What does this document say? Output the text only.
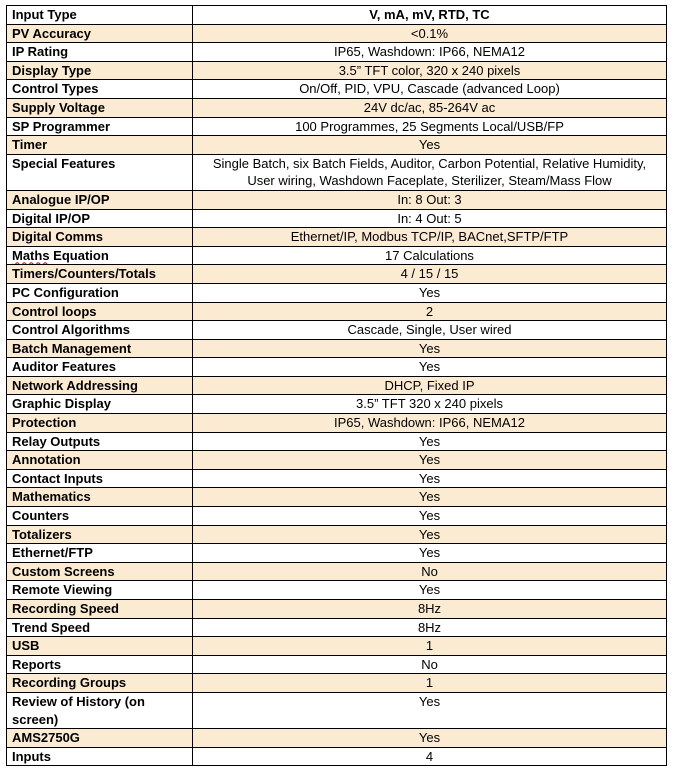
Input Type	V, mA, mV, RTD, TC
PV Accuracy	<0.1%
IP Rating	IP65, Washdown: IP66, NEMA12
Display Type	3.5” TFT color, 320 x 240 pixels
Control Types	On/Off, PID, VPU, Cascade (advanced Loop)
Supply Voltage	24V dc/ac, 85-264V ac
SP Programmer	100 Programmes, 25 Segments Local/USB/FP
Timer	Yes
Special Features	Single Batch, six Batch Fields, Auditor, Carbon Potential, Relative Humidity, User wiring, Washdown Faceplate, Sterilizer, Steam/Mass Flow
Analogue IP/OP	In: 8 Out: 3
Digital IP/OP	In: 4 Out: 5
Digital Comms	Ethernet/IP, Modbus TCP/IP, BACnet,SFTP/FTP
Maths Equation	17 Calculations
Timers/Counters/Totals	4 / 15 / 15
PC Configuration	Yes
Control loops	2
Control Algorithms	Cascade, Single, User wired
Batch Management	Yes
Auditor Features	Yes
Network Addressing	DHCP, Fixed IP
Graphic Display	3.5” TFT 320 x 240 pixels
Protection	IP65, Washdown: IP66, NEMA12
Relay Outputs	Yes
Annotation	Yes
Contact Inputs	Yes
Mathematics	Yes
Counters	Yes
Totalizers	Yes
Ethernet/FTP	Yes
Custom Screens	No
Remote Viewing	Yes
Recording Speed	8Hz
Trend Speed	8Hz
USB	1
Reports	No
Recording Groups	1
Review of History (on screen)	Yes
AMS2750G	Yes
Inputs	4
